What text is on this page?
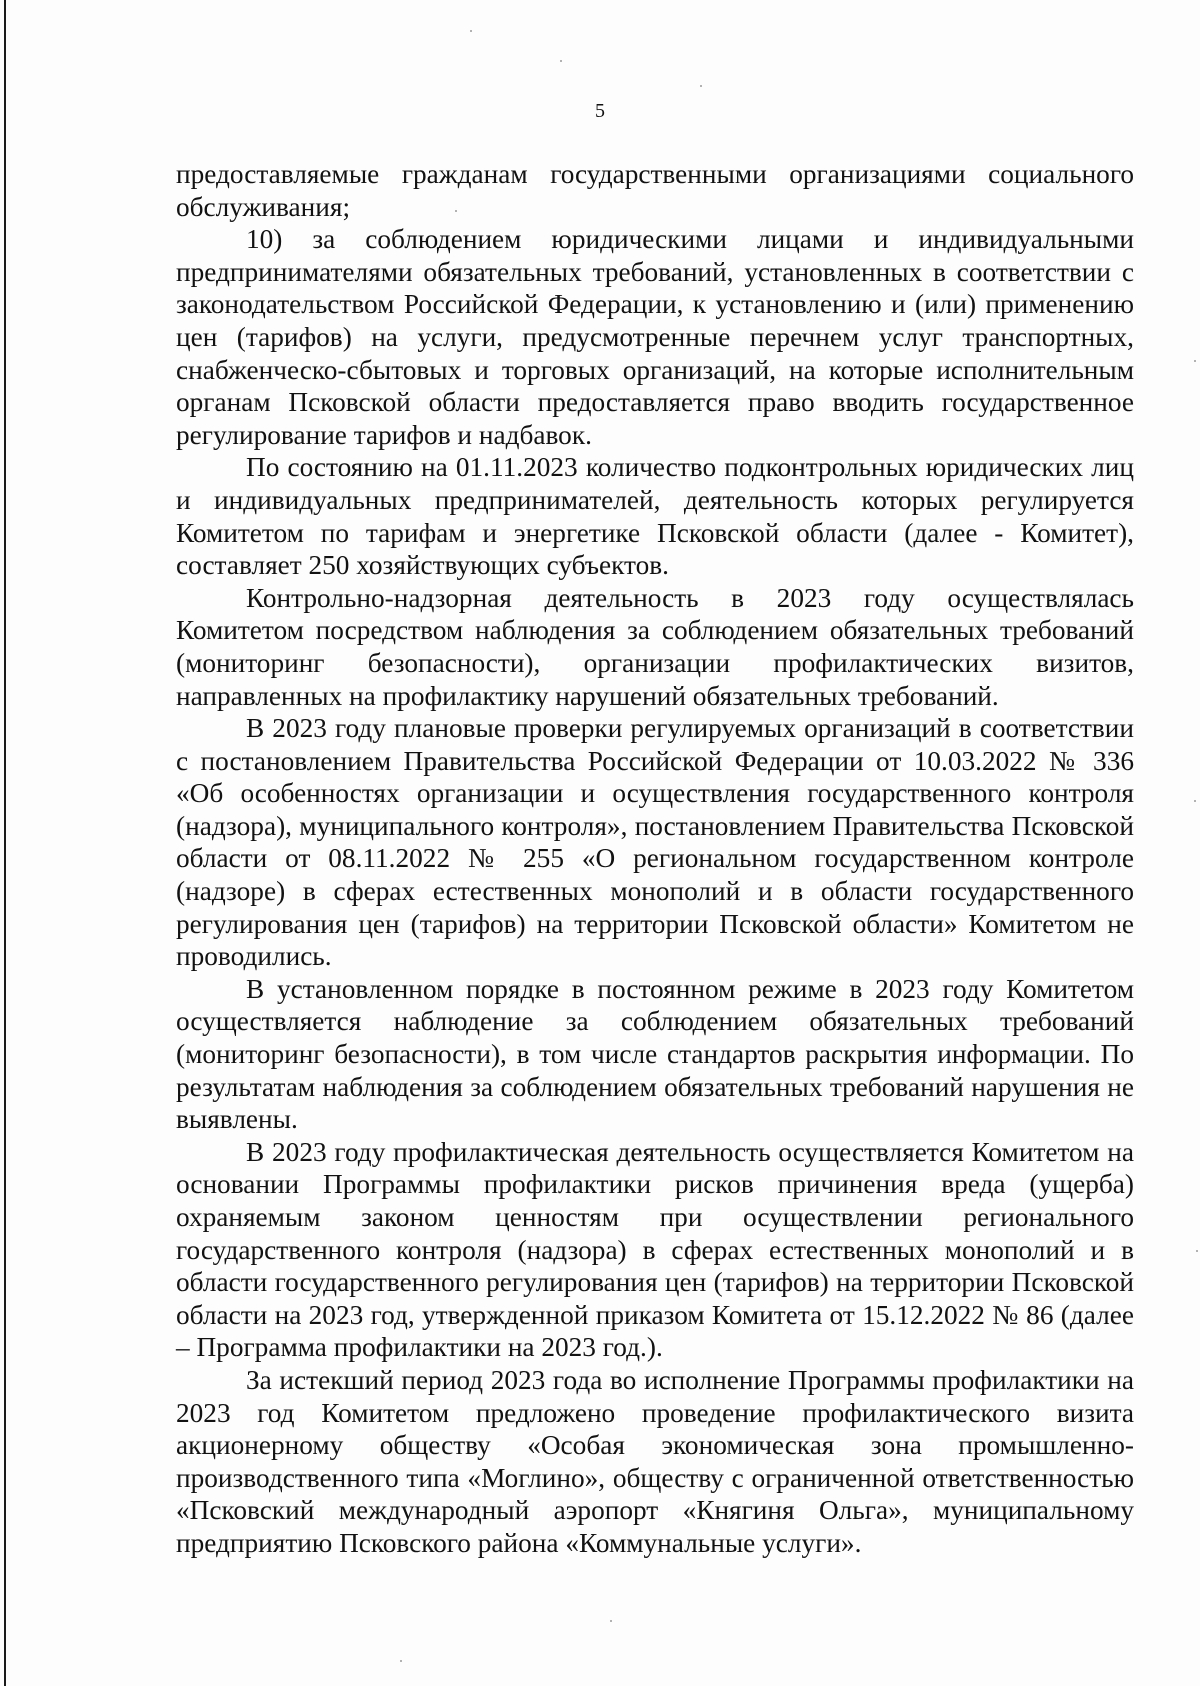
5

предоставляемые гражданам государственными организациями социального обслуживания;

10) за соблюдением юридическими лицами и индивидуальными предпринимателями обязательных требований, установленных в соответствии с законодательством Российской Федерации, к установлению и (или) применению цен (тарифов) на услуги, предусмотренные перечнем услуг транспортных, снабженческо-сбытовых и торговых организаций, на которые исполнительным органам Псковской области предоставляется право вводить государственное регулирование тарифов и надбавок.

По состоянию на 01.11.2023 количество подконтрольных юридических лиц и индивидуальных предпринимателей, деятельность которых регулируется Комитетом по тарифам и энергетике Псковской области (далее - Комитет), составляет 250 хозяйствующих субъектов.

Контрольно-надзорная деятельность в 2023 году осуществлялась Комитетом посредством наблюдения за соблюдением обязательных требований (мониторинг безопасности), организации профилактических визитов, направленных на профилактику нарушений обязательных требований.

В 2023 году плановые проверки регулируемых организаций в соответствии с постановлением Правительства Российской Федерации от 10.03.2022 № 336 «Об особенностях организации и осуществления государственного контроля (надзора), муниципального контроля», постановлением Правительства Псковской области от 08.11.2022 № 255 «О региональном государственном контроле (надзоре) в сферах естественных монополий и в области государственного регулирования цен (тарифов) на территории Псковской области» Комитетом не проводились.

В установленном порядке в постоянном режиме в 2023 году Комитетом осуществляется наблюдение за соблюдением обязательных требований (мониторинг безопасности), в том числе стандартов раскрытия информации. По результатам наблюдения за соблюдением обязательных требований нарушения не выявлены.

В 2023 году профилактическая деятельность осуществляется Комитетом на основании Программы профилактики рисков причинения вреда (ущерба) охраняемым законом ценностям при осуществлении регионального государственного контроля (надзора) в сферах естественных монополий и в области государственного регулирования цен (тарифов) на территории Псковской области на 2023 год, утвержденной приказом Комитета от 15.12.2022 № 86 (далее – Программа профилактики на 2023 год.).

За истекший период 2023 года во исполнение Программы профилактики на 2023 год Комитетом предложено проведение профилактического визита акционерному обществу «Особая экономическая зона промышленно-производственного типа «Моглино», обществу с ограниченной ответственностью «Псковский международный аэропорт «Княгиня Ольга», муниципальному предприятию Псковского района «Коммунальные услуги».
